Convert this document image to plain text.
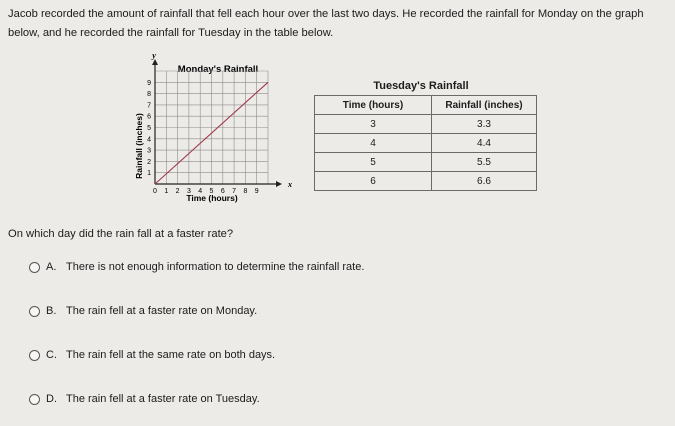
Jacob recorded the amount of rainfall that fell each hour over the last two days. He recorded the rainfall for Monday on the graph below, and he recorded the rainfall for Tuesday in the table below.
Monday's Rainfall
x
y
0 1 2 3 4 5 6 7 8 9
1
2
3
4
5
6
7
8
9
Time (hours)
Rainfall (inches)
Tuesday's Rainfall
Time (hours)	Rainfall (inches)
3	3.3
4	4.4
5	5.5
6	6.6
On which day did the rain fall at a faster rate?
A. There is not enough information to determine the rainfall rate.
B. The rain fell at a faster rate on Monday.
C. The rain fell at the same rate on both days.
D. The rain fell at a faster rate on Tuesday.
